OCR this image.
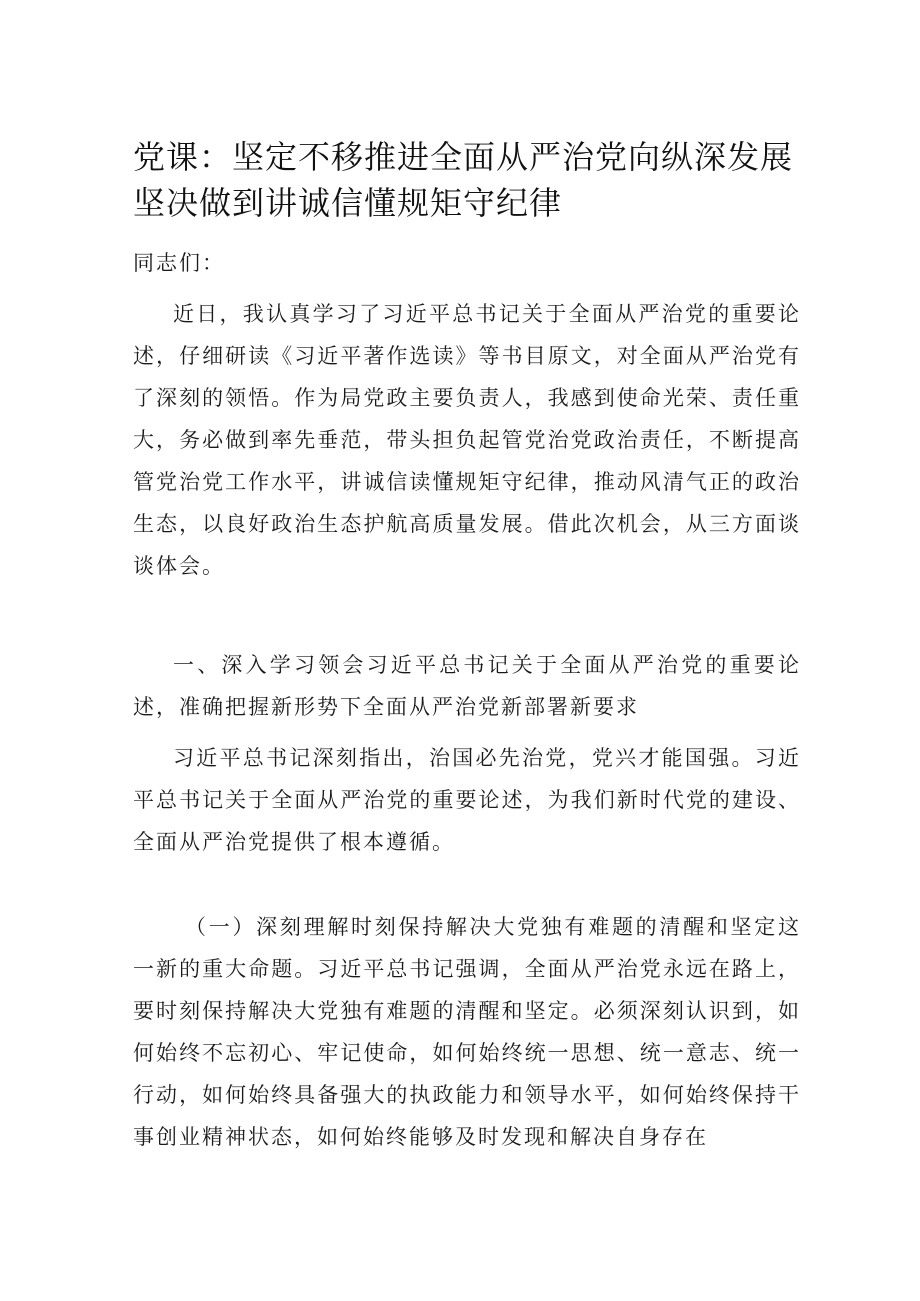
党课：坚定不移推进全面从严治党向纵深发展坚决做到讲诚信懂规矩守纪律

同志们：

近日，我认真学习了习近平总书记关于全面从严治党的重要论述，仔细研读《习近平著作选读》等书目原文，对全面从严治党有了深刻的领悟。作为局党政主要负责人，我感到使命光荣、责任重大，务必做到率先垂范，带头担负起管党治党政治责任，不断提高管党治党工作水平，讲诚信读懂规矩守纪律，推动风清气正的政治生态，以良好政治生态护航高质量发展。借此次机会，从三方面谈谈体会。

一、深入学习领会习近平总书记关于全面从严治党的重要论述，准确把握新形势下全面从严治党新部署新要求

习近平总书记深刻指出，治国必先治党，党兴才能国强。习近平总书记关于全面从严治党的重要论述，为我们新时代党的建设、全面从严治党提供了根本遵循。

（一）深刻理解时刻保持解决大党独有难题的清醒和坚定这一新的重大命题。习近平总书记强调，全面从严治党永远在路上，要时刻保持解决大党独有难题的清醒和坚定。必须深刻认识到，如何始终不忘初心、牢记使命，如何始终统一思想、统一意志、统一行动，如何始终具备强大的执政能力和领导水平，如何始终保持干事创业精神状态，如何始终能够及时发现和解决自身存在
